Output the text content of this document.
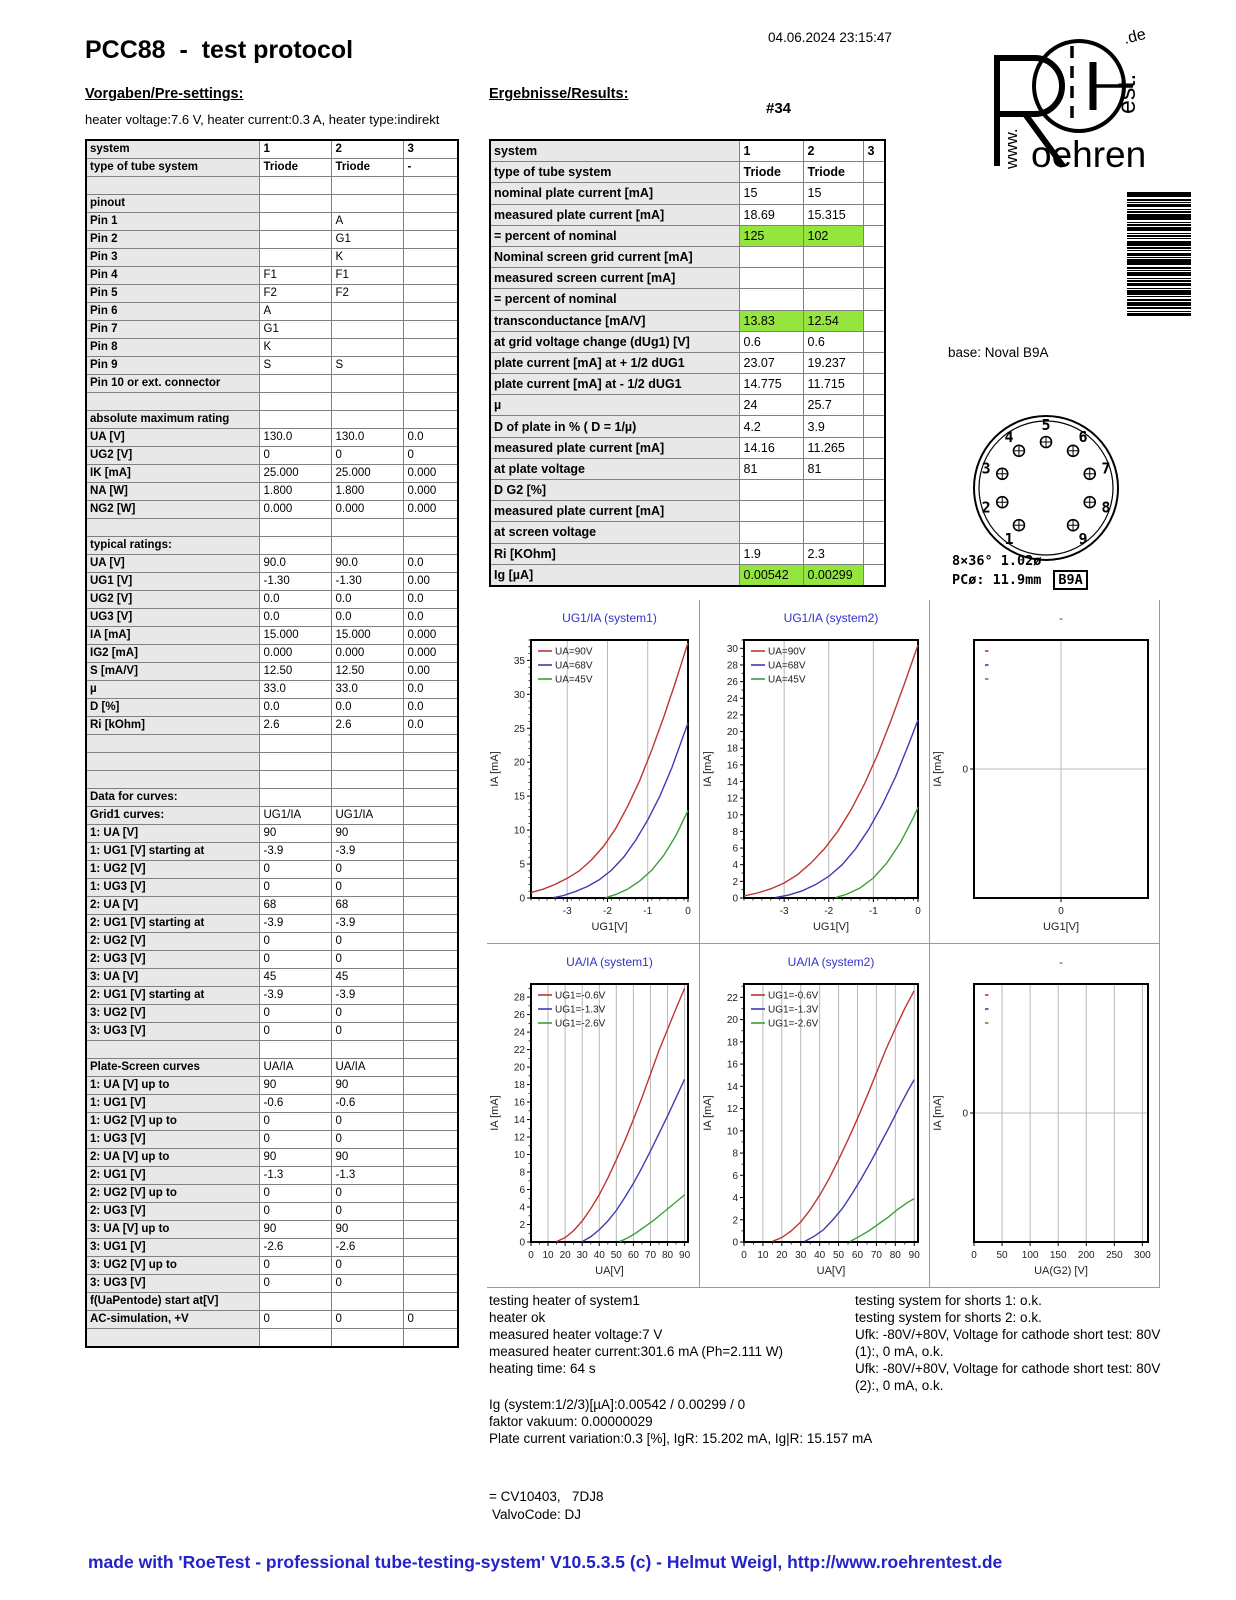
04.06.2024 23:15:47
oehren
www.
est.
.de
PCC88  -  test protocol
Vorgaben/Pre-settings:	Ergebnisse/Results:
heater voltage:7.6 V, heater current:0.3 A, heater type:indirekt
#34
base: Noval B9A
1
2
3
4
5
6
7
8
9
8×36° 1.02ø
PCø: 11.9mm B9A
system	1	2	3
type of tube system	Triode	Triode	-

pinout			
Pin 1		A	
Pin 2		G1	
Pin 3		K	
Pin 4	F1	F1	
Pin 5	F2	F2	
Pin 6	A		
Pin 7	G1		
Pin 8	K		
Pin 9	S	S	
Pin 10 or ext. connector			

absolute maximum rating			
UA [V]	130.0	130.0	0.0
UG2 [V]	0	0	0
IK [mA]	25.000	25.000	0.000
NA [W]	1.800	1.800	0.000
NG2 [W]	0.000	0.000	0.000

typical ratings:			
UA [V]	90.0	90.0	0.0
UG1 [V]	-1.30	-1.30	0.00
UG2 [V]	0.0	0.0	0.0
UG3 [V]	0.0	0.0	0.0
IA [mA]	15.000	15.000	0.000
IG2 [mA]	0.000	0.000	0.000
S [mA/V]	12.50	12.50	0.00
µ	33.0	33.0	0.0
D [%]	0.0	0.0	0.0
Ri [kOhm]	2.6	2.6	0.0

Data for curves:			
Grid1 curves:	UG1/IA	UG1/IA	
1: UA [V]	90	90	
1: UG1 [V] starting at	-3.9	-3.9	
1: UG2 [V]	0	0	
1: UG3 [V]	0	0	
2: UA [V]	68	68	
2: UG1 [V] starting at	-3.9	-3.9	
2: UG2 [V]	0	0	
2: UG3 [V]	0	0	
3: UA [V]	45	45	
2: UG1 [V] starting at	-3.9	-3.9	
3: UG2 [V]	0	0	
3: UG3 [V]	0	0	

Plate-Screen curves	UA/IA	UA/IA	
1: UA [V] up to	90	90	
1: UG1 [V]	-0.6	-0.6	
1: UG2 [V] up to	0	0	
1: UG3 [V]	0	0	
2: UA [V] up to	90	90	
2: UG1 [V]	-1.3	-1.3	
2: UG2 [V] up to	0	0	
2: UG3 [V]	0	0	
3: UA [V] up to	90	90	
3: UG1 [V]	-2.6	-2.6	
3: UG2 [V] up to	0	0	
3: UG3 [V]	0	0	
f(UaPentode) start at[V]			
AC-simulation, +V	0	0	0

system	1	2	3
type of tube system	Triode	Triode	
nominal plate current [mA]	15	15	
measured plate current [mA]	18.69	15.315	
= percent of nominal	125	102	
Nominal screen grid current [mA]			
measured screen current [mA]			
= percent of nominal			
transconductance [mA/V]	13.83	12.54	
at grid voltage change (dUg1) [V]	0.6	0.6	
plate current [mA] at + 1/2 dUG1	23.07	19.237	
plate current [mA] at - 1/2 dUG1	14.775	11.715	
µ	24	25.7	
D of plate in % ( D = 1/µ)	4.2	3.9	
measured plate current [mA]	14.16	11.265	
at plate voltage	81	81	
D G2 [%]			
measured plate current [mA]			
at screen voltage			
Ri [KOhm]	1.9	2.3	
Ig [µA]	0.00542	0.00299	
UG1/IA (system1)
-3	-2	-1	0
0
5
10
15
20
25
30
35
UG1[V]
IA [mA]
UA=90V
UA=68V
UA=45V
UG1/IA (system2)
-3	-2	-1	0
0
2
4
6
8
10
12
14
16
18
20
22
24
26
28
30
UG1[V]
IA [mA]
UA=90V
UA=68V
UA=45V
-
0
0
UG1[V]
IA [mA]
UA/IA (system1)
0 10 20 30 40 50 60 70 80 90
0
2
4
6
8
10
12
14
16
18
20
22
24
26
28
UA[V]
IA [mA]
UG1=-0.6V
UG1=-1.3V
UG1=-2.6V
UA/IA (system2)
0 10 20 30 40 50 60 70 80 90
0
2
4
6
8
10
12
14
16
18
20
22
UA[V]
IA [mA]
UG1=-0.6V
UG1=-1.3V
UG1=-2.6V
-
0 50 100 150 200 250 300
0
UA(G2) [V]
IA [mA]
testing heater of system1
heater ok
measured heater voltage:7 V
measured heater current:301.6 mA (Ph=2.111 W)
heating time: 64 s
Ig (system:1/2/3)[µA]:0.00542 / 0.00299 / 0
faktor vakuum: 0.00000029
Plate current variation:0.3 [%], IgR: 15.202 mA, Ig|R: 15.157 mA
testing system for shorts 1: o.k.
testing system for shorts 2: o.k.
Ufk: -80V/+80V, Voltage for cathode short test: 80V
(1):, 0 mA, o.k.
Ufk: -80V/+80V, Voltage for cathode short test: 80V
(2):, 0 mA, o.k.
= CV10403,   7DJ8
ValvoCode: DJ
made with 'RoeTest - professional tube-testing-system' V10.5.3.5 (c) - Helmut Weigl, http://www.roehrentest.de
